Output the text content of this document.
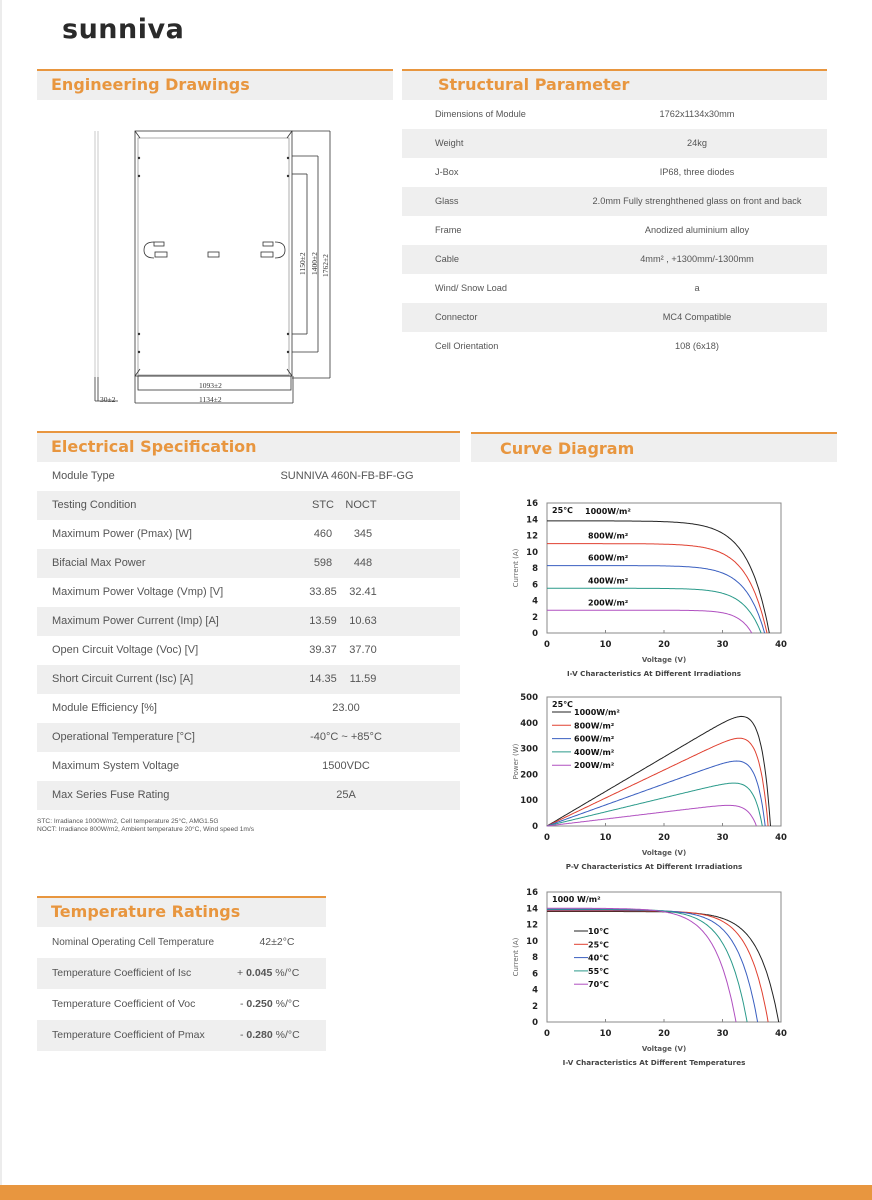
sunniva
Engineering Drawings
1150±2 1400±2 1762±2
1093±2
1134±2
30±2
Structural Parameter
Dimensions of Module	1762x1134x30mm
Weight	24kg
J-Box	IP68, three diodes
Glass	2.0mm Fully strenghthened glass on front and back
Frame	Anodized aluminium alloy
Cable	4mm² , +1300mm/-1300mm
Wind/ Snow Load	a
Connector	MC4 Compatible
Cell Orientation	108 (6x18)
Electrical Specification
Module Type	SUNNIVA 460N-FB-BF-GG
Testing Condition	STC	NOCT
Maximum Power (Pmax) [W]	460	345
Bifacial Max Power	598	448
Maximum Power Voltage (Vmp) [V]	33.85	32.41
Maximum Power Current (Imp) [A]	13.59	10.63
Open Circuit Voltage (Voc) [V]	39.37	37.70
Short Circuit Current (Isc) [A]	14.35	11.59
Module Efficiency [%]	23.00
Operational Temperature [°C]	-40°C ~ +85°C
Maximum System Voltage	1500VDC
Max Series Fuse Rating	25A
STC: Irradiance 1000W/m2, Cell temperature 25°C, AMG1.5G
NOCT: Irradiance 800W/m2, Ambient temperature 20°C, Wind speed 1m/s
Temperature Ratings
Nominal Operating Cell Temperature	42±2°C
Temperature Coefficient of Isc	+ 0.045 %/°C
Temperature Coefficient of Voc	- 0.250 %/°C
Temperature Coefficient of Pmax	- 0.280 %/°C
Curve Diagram
0
2
4
6
8
10
12
14
16
0	10	20	30	40
Voltage (V)
Current (A)
I-V Characteristics At Different Irradiations
25℃ 1000W/m²
800W/m²
600W/m²
400W/m²
200W/m²
0
100
200
300
400
500
0	10	20	30	40
Voltage (V)
Power (W)
P-V Characteristics At Different Irradiations
25℃
1000W/m²
800W/m²
600W/m²
400W/m²
200W/m²
0
2
4
6
8
10
12
14
16
0	10	20	30	40
Voltage (V)
Current (A)
I-V Characteristics At Different Temperatures
1000 W/m²
10℃
25℃
40℃
55℃
70℃
